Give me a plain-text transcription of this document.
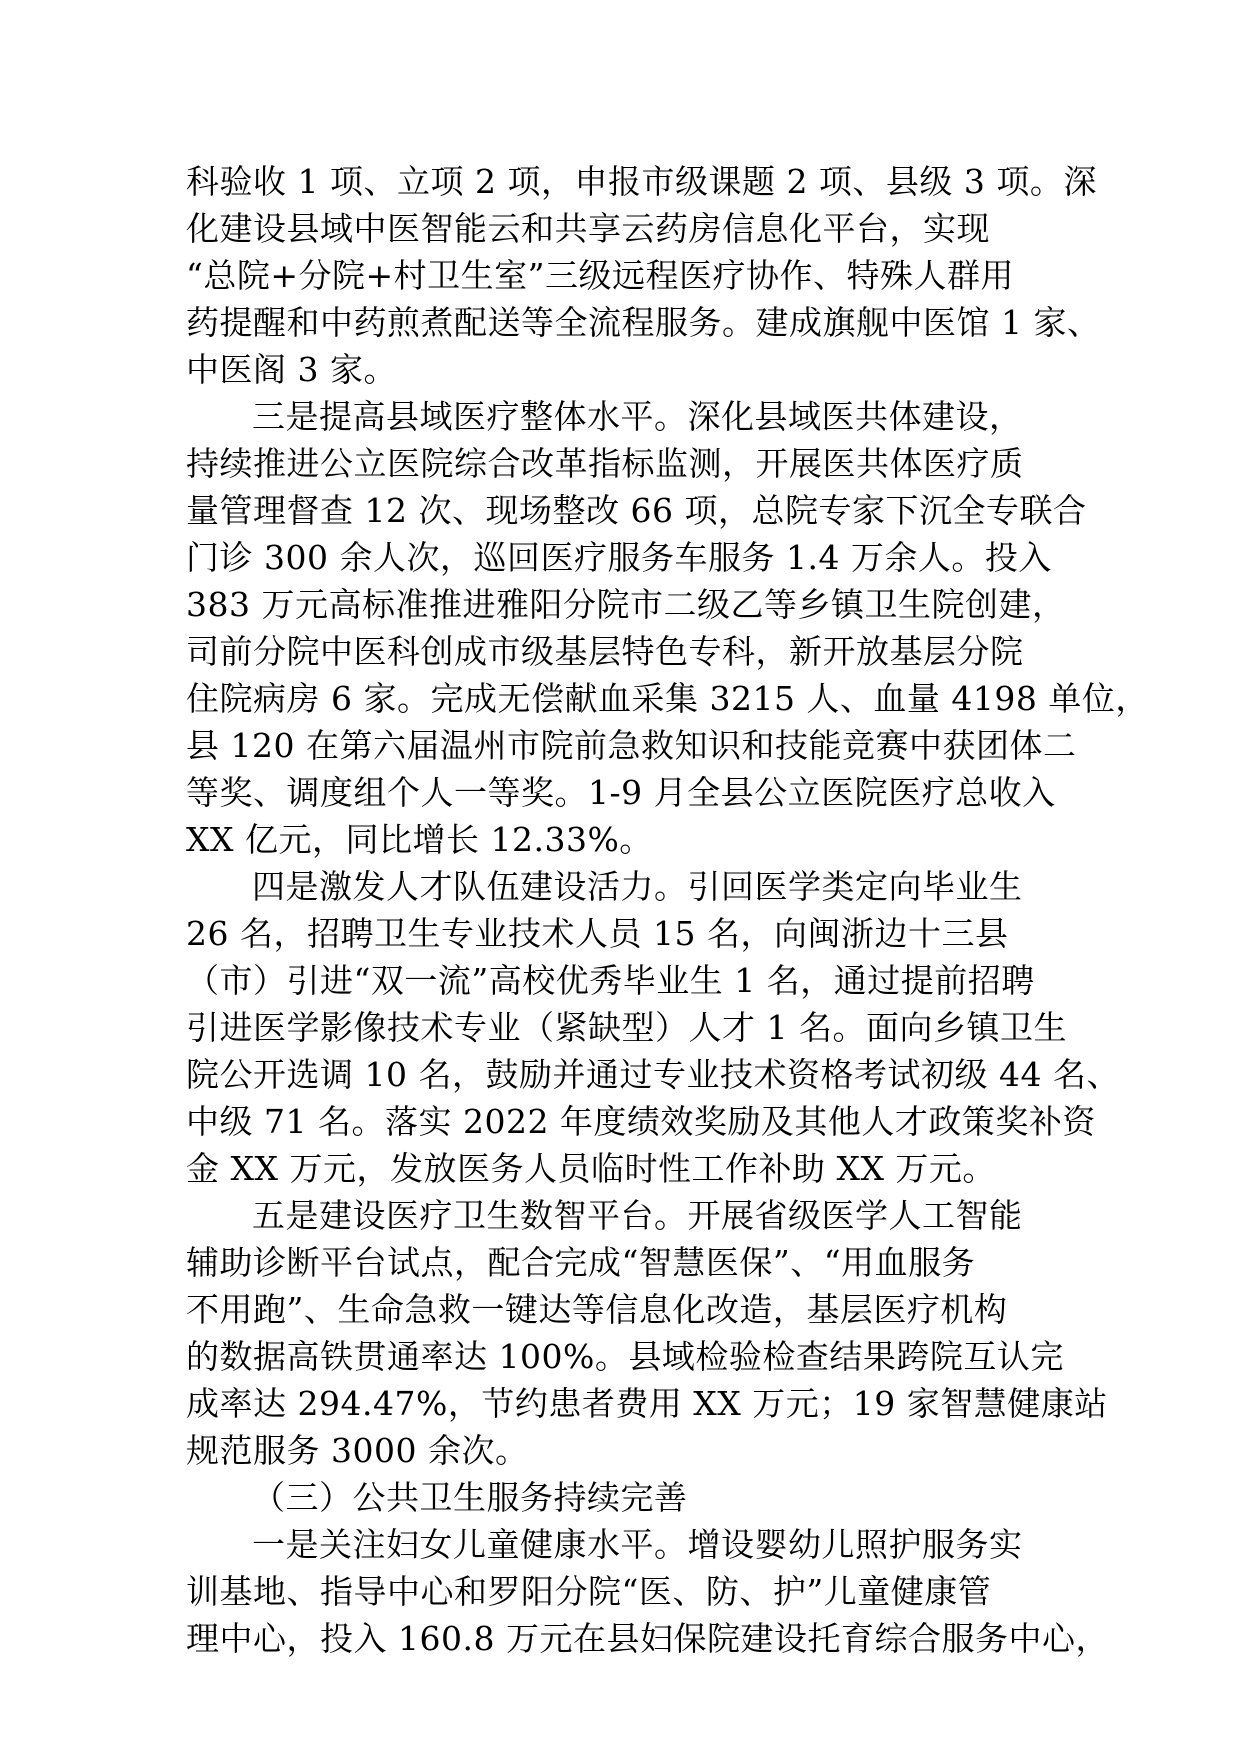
科验收 1 项、立项 2 项，申报市级课题 2 项、县级 3 项。深
化建设县域中医智能云和共享云药房信息化平台，实现
“总院+分院+村卫生室”三级远程医疗协作、特殊人群用
药提醒和中药煎煮配送等全流程服务。建成旗舰中医馆 1 家、
中医阁 3 家。
三是提高县域医疗整体水平。深化县域医共体建设，
持续推进公立医院综合改革指标监测，开展医共体医疗质
量管理督查 12 次、现场整改 66 项，总院专家下沉全专联合
门诊 300 余人次，巡回医疗服务车服务 1.4 万余人。投入
383 万元高标准推进雅阳分院市二级乙等乡镇卫生院创建，
司前分院中医科创成市级基层特色专科，新开放基层分院
住院病房 6 家。完成无偿献血采集 3215 人、血量 4198 单位，
县 120 在第六届温州市院前急救知识和技能竞赛中获团体二
等奖、调度组个人一等奖。1-9 月全县公立医院医疗总收入
XX 亿元，同比增长 12.33%。
四是激发人才队伍建设活力。引回医学类定向毕业生
26 名，招聘卫生专业技术人员 15 名，向闽浙边十三县
（市）引进“双一流”高校优秀毕业生 1 名，通过提前招聘
引进医学影像技术专业（紧缺型）人才 1 名。面向乡镇卫生
院公开选调 10 名，鼓励并通过专业技术资格考试初级 44 名、
中级 71 名。落实 2022 年度绩效奖励及其他人才政策奖补资
金 XX 万元，发放医务人员临时性工作补助 XX 万元。
五是建设医疗卫生数智平台。开展省级医学人工智能
辅助诊断平台试点，配合完成“智慧医保”、“用血服务
不用跑”、生命急救一键达等信息化改造，基层医疗机构
的数据高铁贯通率达 100%。县域检验检查结果跨院互认完
成率达 294.47%，节约患者费用 XX 万元；19 家智慧健康站
规范服务 3000 余次。
（三）公共卫生服务持续完善
一是关注妇女儿童健康水平。增设婴幼儿照护服务实
训基地、指导中心和罗阳分院“医、防、护”儿童健康管
理中心，投入 160.8 万元在县妇保院建设托育综合服务中心，
